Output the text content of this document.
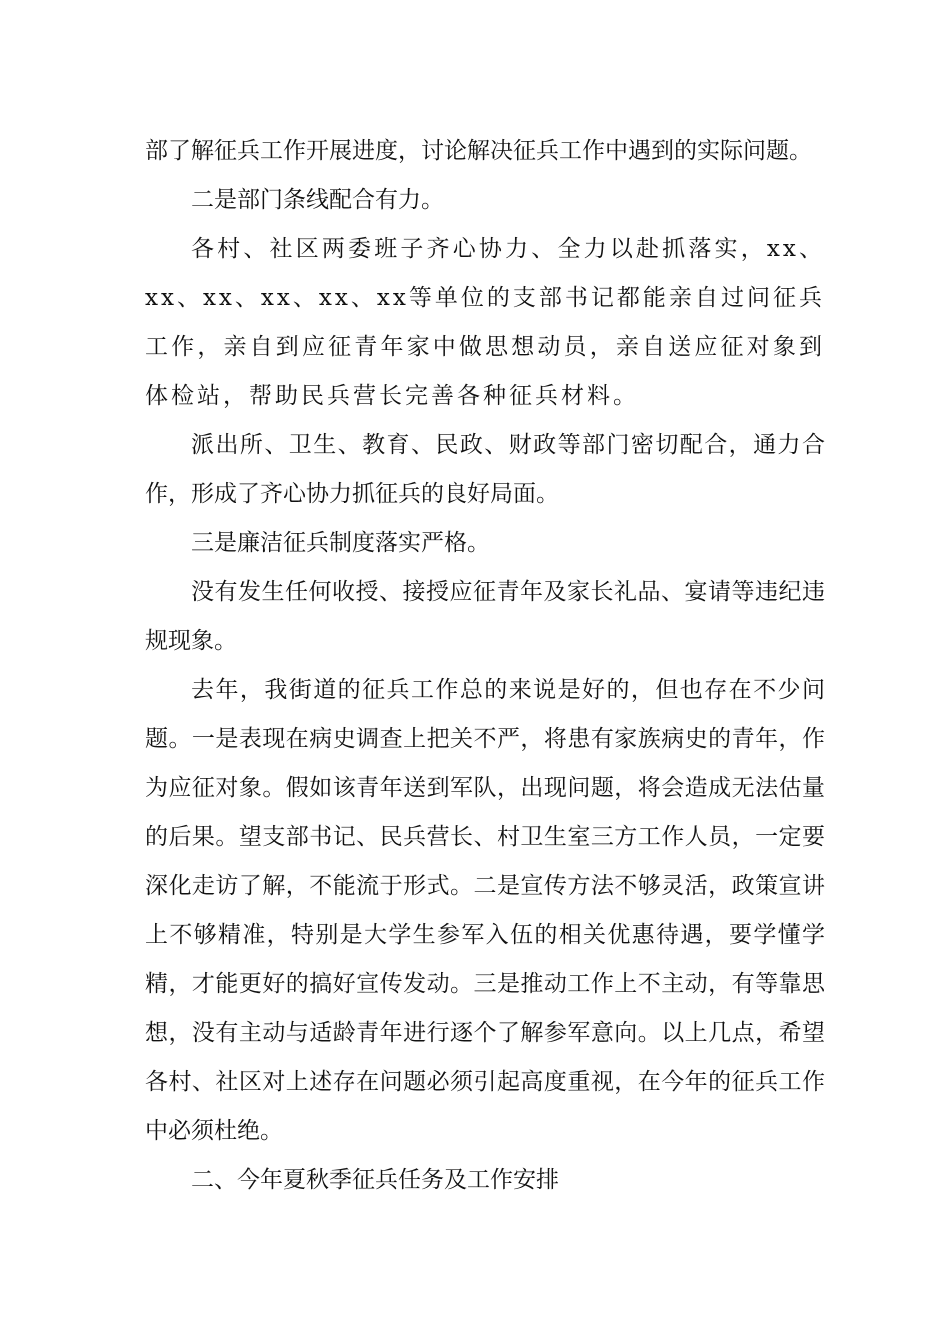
部了解征兵工作开展进度，讨论解决征兵工作中遇到的实际问题。

二是部门条线配合有力。

各村、社区两委班子齐心协力、全力以赴抓落实，xx、xx、xx、xx、xx、xx等单位的支部书记都能亲自过问征兵工作，亲自到应征青年家中做思想动员，亲自送应征对象到体检站，帮助民兵营长完善各种征兵材料。

派出所、卫生、教育、民政、财政等部门密切配合，通力合作，形成了齐心协力抓征兵的良好局面。

三是廉洁征兵制度落实严格。

没有发生任何收授、接授应征青年及家长礼品、宴请等违纪违规现象。

去年，我街道的征兵工作总的来说是好的，但也存在不少问题。一是表现在病史调查上把关不严，将患有家族病史的青年，作为应征对象。假如该青年送到军队，出现问题，将会造成无法估量的后果。望支部书记、民兵营长、村卫生室三方工作人员，一定要深化走访了解，不能流于形式。二是宣传方法不够灵活，政策宣讲上不够精准，特别是大学生参军入伍的相关优惠待遇，要学懂学精，才能更好的搞好宣传发动。三是推动工作上不主动，有等靠思想，没有主动与适龄青年进行逐个了解参军意向。以上几点，希望各村、社区对上述存在问题必须引起高度重视，在今年的征兵工作中必须杜绝。

二、今年夏秋季征兵任务及工作安排
